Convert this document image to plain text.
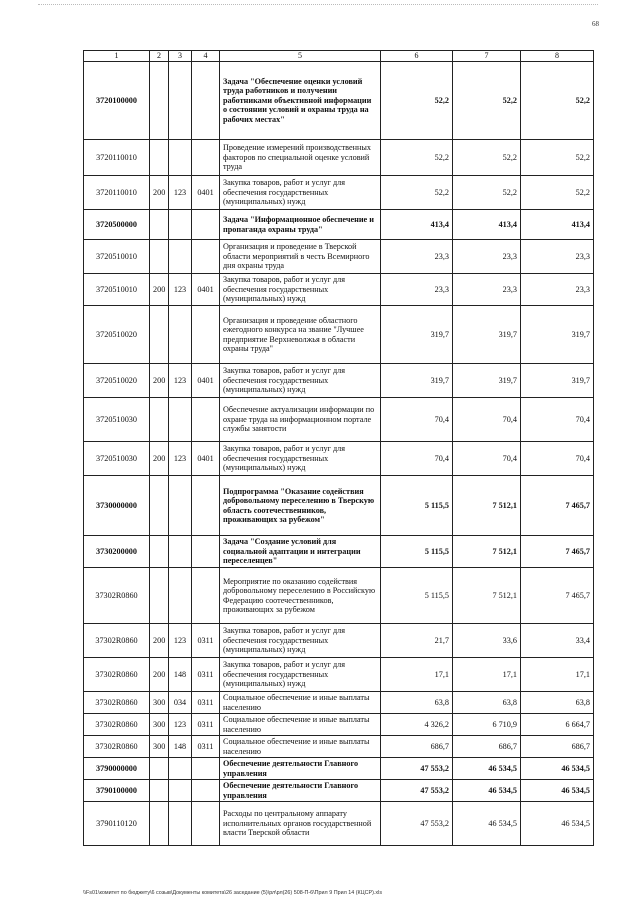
68
1	2	3	4	5	6	7	8
3720100000				Задача "Обеспечение оценки условий труда работников и получении работниками объективной информации о состоянии условий и охраны труда на рабочих местах"	52,2	52,2	52,2
3720110010				Проведение измерений производственных факторов по специальной оценке условий труда	52,2	52,2	52,2
3720110010	200	123	0401	Закупка товаров, работ и услуг для обеспечения государственных (муниципальных) нужд	52,2	52,2	52,2
3720500000				Задача "Информационное обеспечение и пропаганда охраны труда"	413,4	413,4	413,4
3720510010				Организация и проведение в Тверской области мероприятий в честь Всемирного дня охраны труда	23,3	23,3	23,3
3720510010	200	123	0401	Закупка товаров, работ и услуг для обеспечения государственных (муниципальных) нужд	23,3	23,3	23,3
3720510020				Организация и проведение областного ежегодного конкурса на звание "Лучшее предприятие Верхневолжья в области охраны труда"	319,7	319,7	319,7
3720510020	200	123	0401	Закупка товаров, работ и услуг для обеспечения государственных (муниципальных) нужд	319,7	319,7	319,7
3720510030				Обеспечение актуализации информации по охране труда на информационном портале службы занятости	70,4	70,4	70,4
3720510030	200	123	0401	Закупка товаров, работ и услуг для обеспечения государственных (муниципальных) нужд	70,4	70,4	70,4
3730000000				Подпрограмма "Оказание содействия добровольному переселению в Тверскую область соотечественников, проживающих за рубежом"	5 115,5	7 512,1	7 465,7
3730200000				Задача "Создание условий для социальной адаптации и интеграции переселенцев"	5 115,5	7 512,1	7 465,7
37302R0860				Мероприятие по оказанию содействия добровольному переселению в Российскую Федерацию соотечественников, проживающих за рубежом	5 115,5	7 512,1	7 465,7
37302R0860	200	123	0311	Закупка товаров, работ и услуг для обеспечения государственных (муниципальных) нужд	21,7	33,6	33,4
37302R0860	200	148	0311	Закупка товаров, работ и услуг для обеспечения государственных (муниципальных) нужд	17,1	17,1	17,1
37302R0860	300	034	0311	Социальное обеспечение и иные выплаты населению	63,8	63,8	63,8
37302R0860	300	123	0311	Социальное обеспечение и иные выплаты населению	4 326,2	6 710,9	6 664,7
37302R0860	300	148	0311	Социальное обеспечение и иные выплаты населению	686,7	686,7	686,7
3790000000				Обеспечение деятельности Главного управления	47 553,2	46 534,5	46 534,5
3790100000				Обеспечение деятельности Главного управления	47 553,2	46 534,5	46 534,5
3790110120				Расходы по центральному аппарату исполнительных органов государственной власти Тверской области	47 553,2	46 534,5	46 534,5
\\Fs01\комитет по бюджету\6 созыв\Документы комитета\26 заседание (5)\рл\рл(26) 508-П-6\Прил 9 Прил 14 (КЦСР).xls
